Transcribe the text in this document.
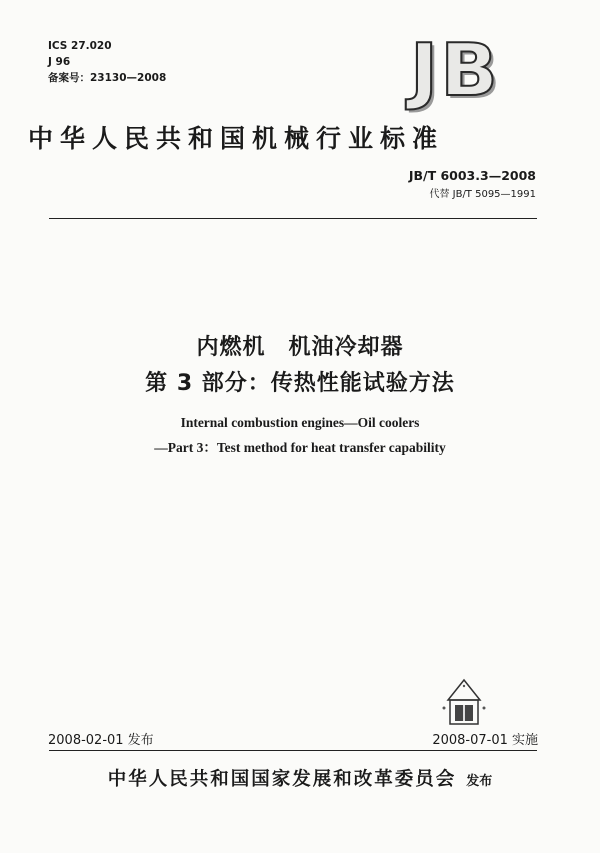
ICS 27.020
J 96
备案号：23130—2008	JB
中华人民共和国机械行业标准
JB/T 6003.3—2008
代替 JB/T 5095—1991
内燃机　机油冷却器
第 3 部分：传热性能试验方法
Internal combustion engines—Oil coolers
—Part 3：Test method for heat transfer capability
2008-02-01 发布	2008-07-01 实施
中华人民共和国国家发展和改革委员会 发布
